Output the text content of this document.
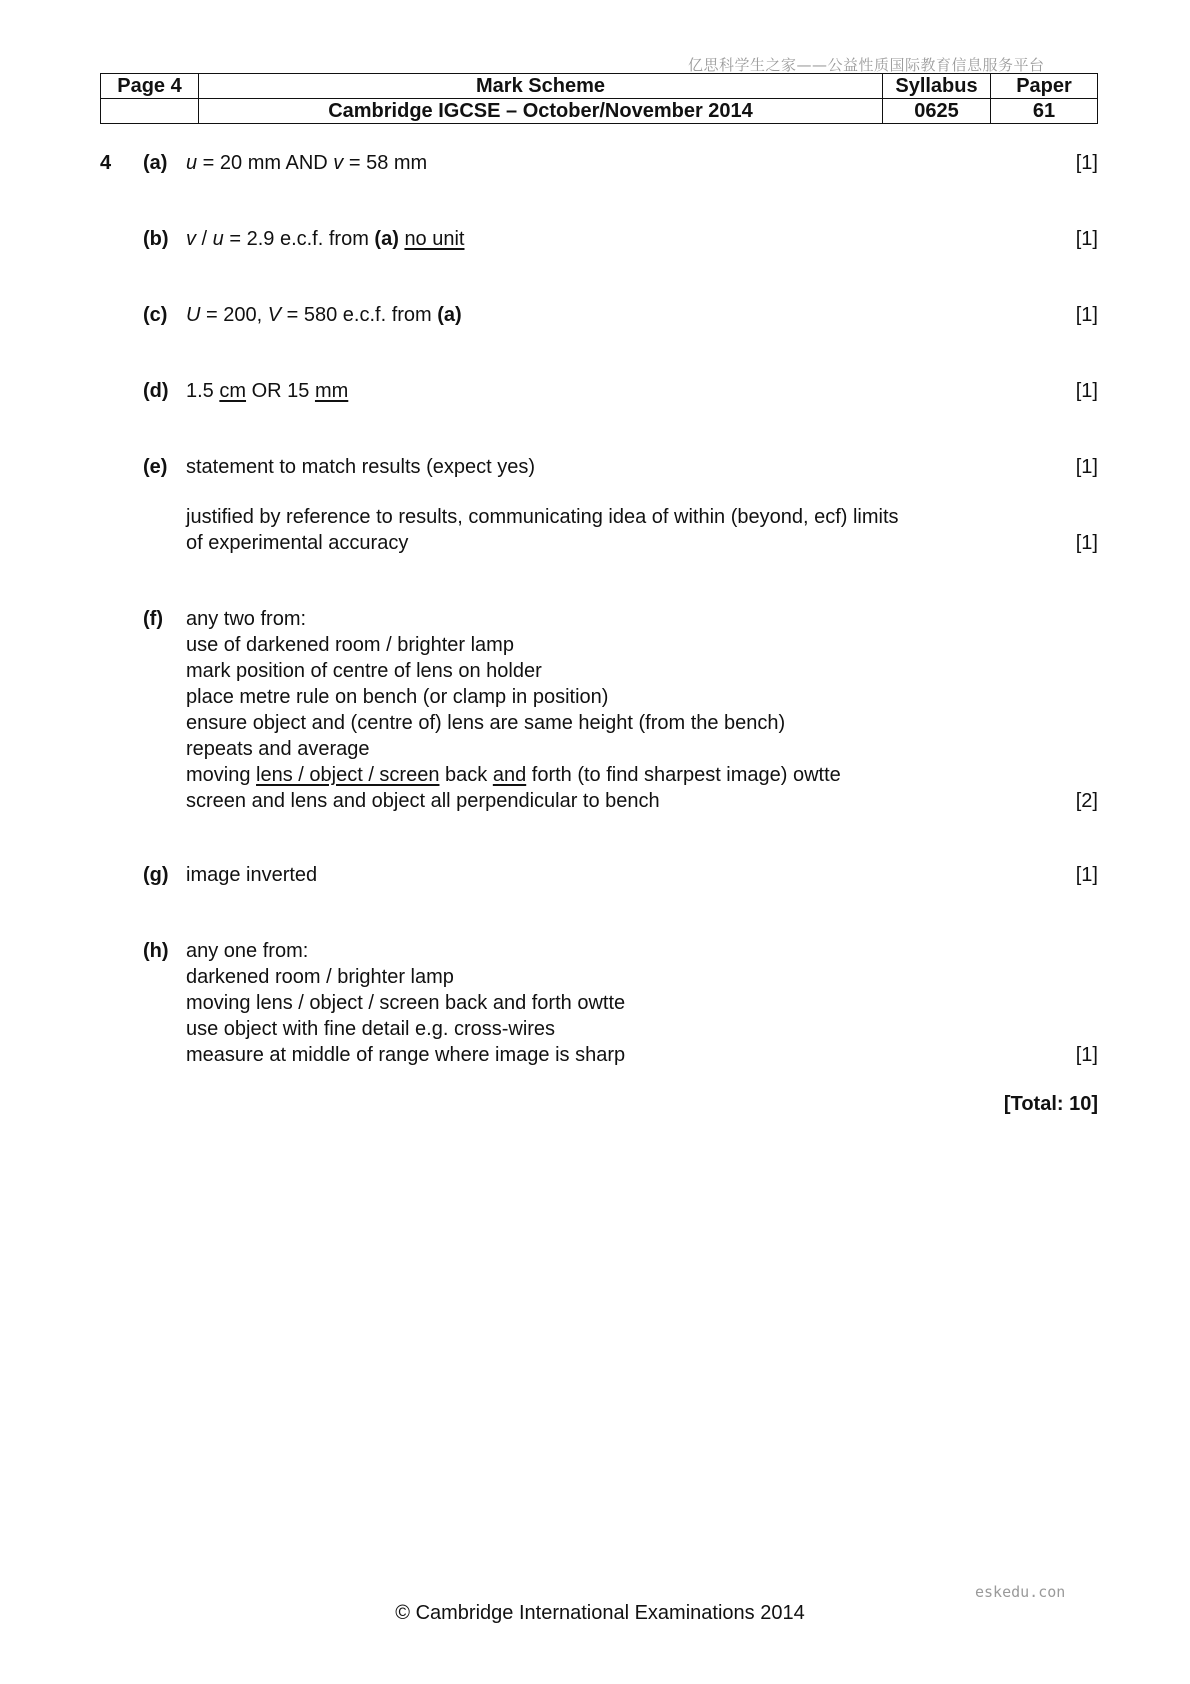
亿思科学生之家——公益性质国际教育信息服务平台
Page 4	Mark Scheme	Syllabus	Paper
	Cambridge IGCSE – October/November 2014	0625	61
4 (a) u = 20 mm AND v = 58 mm	[1]
(b) v / u = 2.9 e.c.f. from (a) no unit	[1]
(c) U = 200, V = 580 e.c.f. from (a)	[1]
(d) 1.5 cm OR 15 mm	[1]
(e) statement to match results (expect yes)	[1]
justified by reference to results, communicating idea of within (beyond, ecf) limits
of experimental accuracy	[1]
(f) any two from:
use of darkened room / brighter lamp
mark position of centre of lens on holder
place metre rule on bench (or clamp in position)
ensure object and (centre of) lens are same height (from the bench)
repeats and average
moving lens / object / screen back and forth (to find sharpest image) owtte
screen and lens and object all perpendicular to bench	[2]
(g) image inverted	[1]
(h) any one from:
darkened room / brighter lamp
moving lens / object / screen back and forth owtte
use object with fine detail e.g. cross-wires
measure at middle of range where image is sharp	[1]
[Total: 10]
eskedu.con
© Cambridge International Examinations 2014
